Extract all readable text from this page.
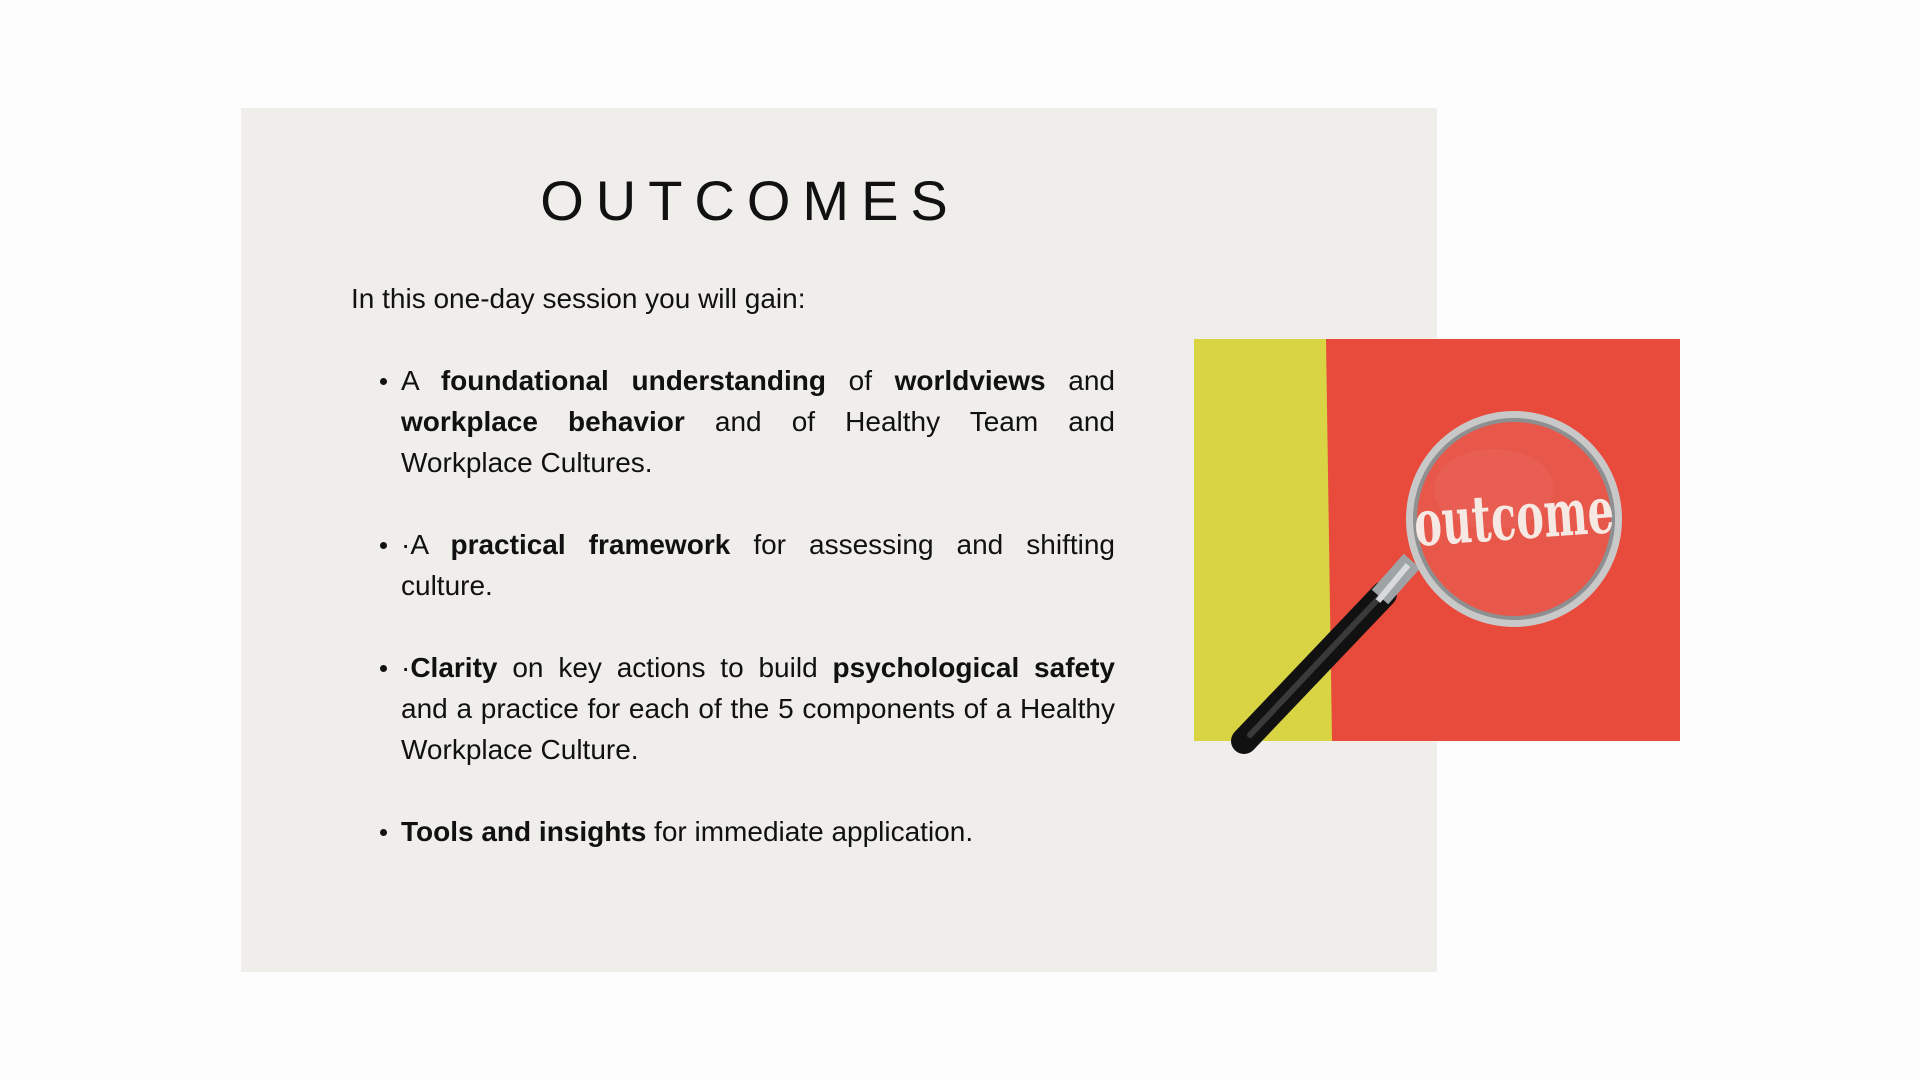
OUTCOMES

In this one-day session you will gain:

A foundational understanding of worldviews and workplace behavior and of Healthy Team and Workplace Cultures.
·A practical framework for assessing and shifting culture.
·Clarity on key actions to build psychological safety and a practice for each of the 5 components of a Healthy Workplace Culture.
Tools and insights for immediate application.
outcome
